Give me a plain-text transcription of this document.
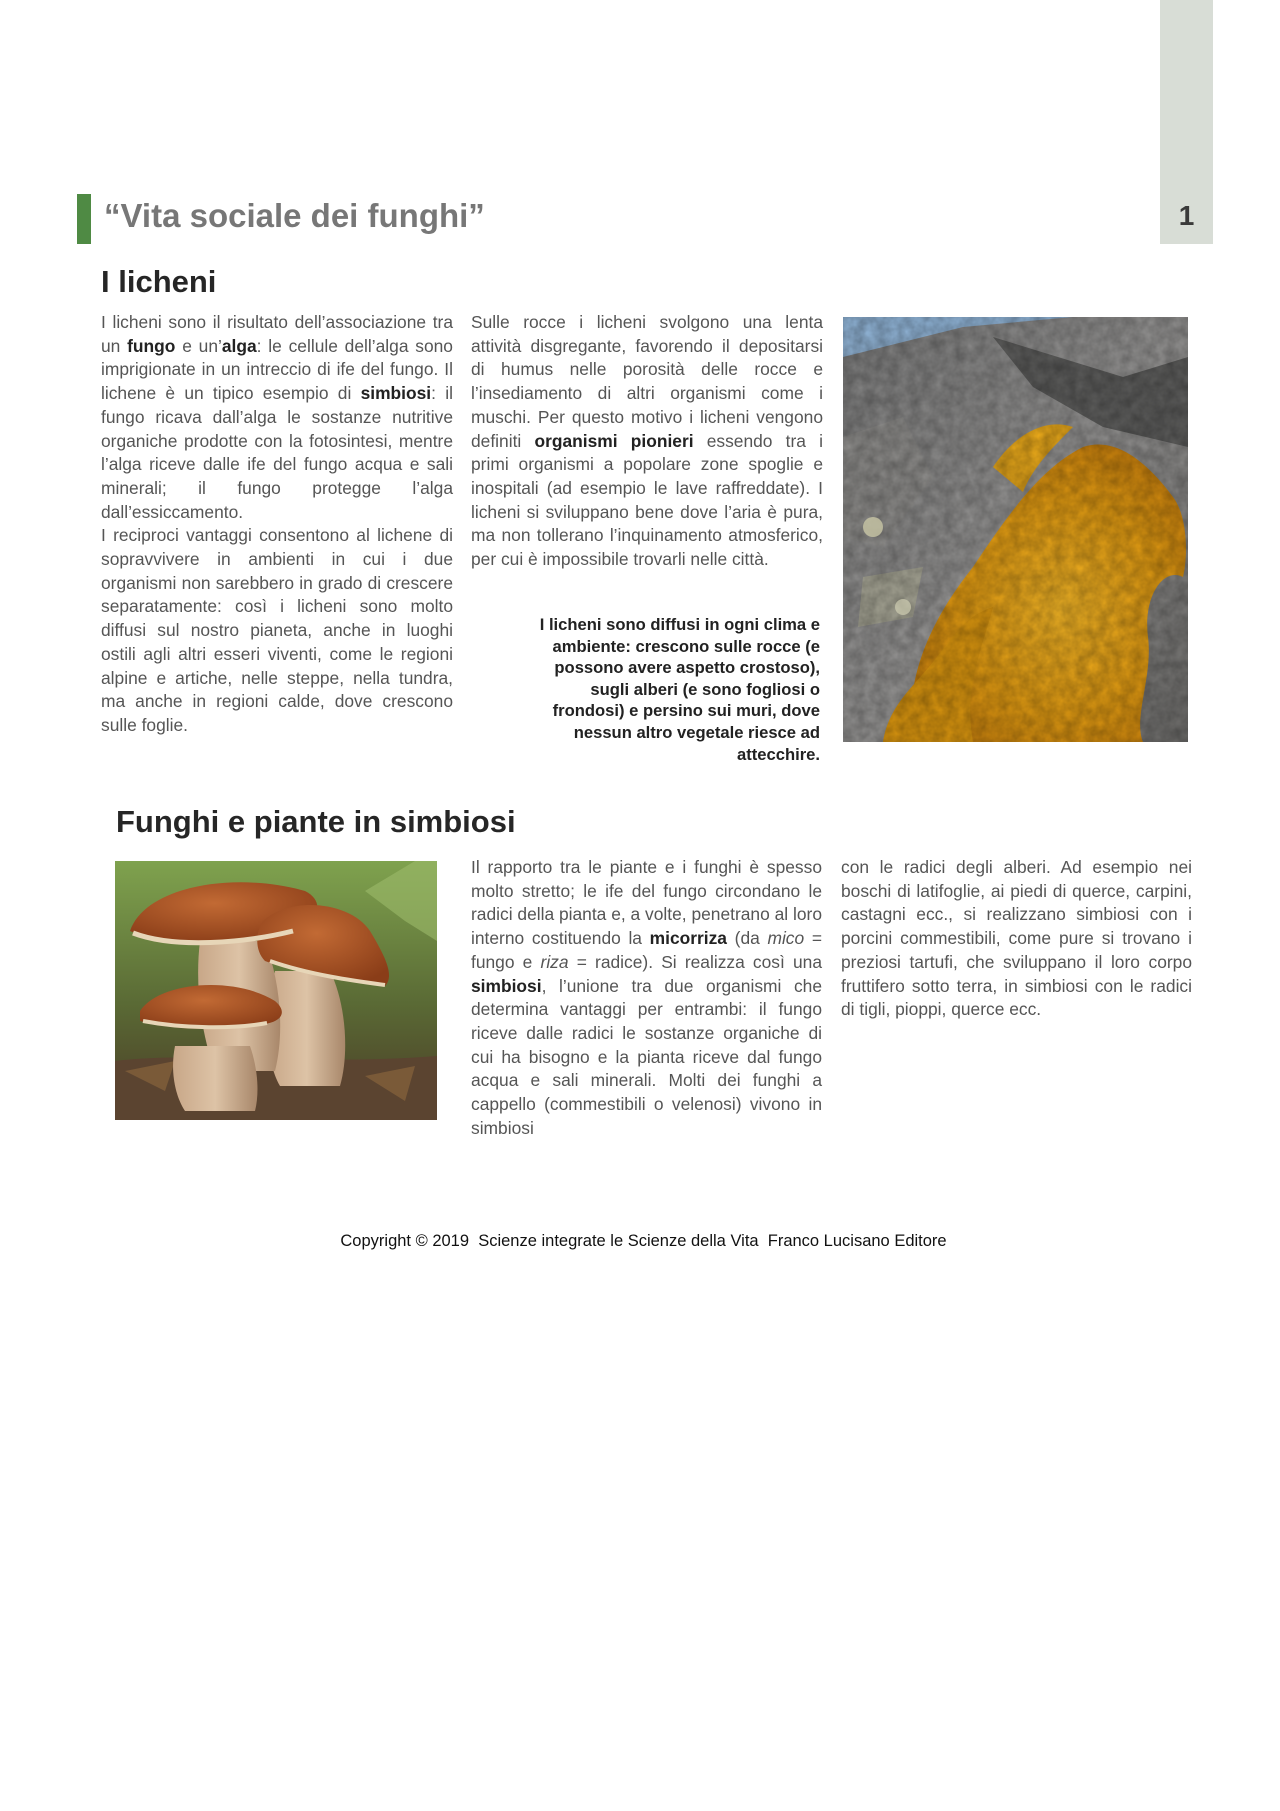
1
“Vita sociale dei funghi”
I licheni

I licheni sono il risultato dell’associazione tra un fungo e un’alga: le cellule dell’alga sono imprigionate in un intreccio di ife del fungo. Il lichene è un tipico esempio di simbiosi: il fungo ricava dall’alga le sostanze nutritive organiche prodotte con la fotosintesi, mentre l’alga riceve dalle ife del fungo acqua e sali minerali; il fungo protegge l’alga dall’essiccamento.

I reciproci vantaggi consentono al lichene di sopravvivere in ambienti in cui i due organismi non sarebbero in grado di crescere separatamente: così i licheni sono molto diffusi sul nostro pianeta, anche in luoghi ostili agli altri esseri viventi, come le regioni alpine e artiche, nelle steppe, nella tundra, ma anche in regioni calde, dove crescono sulle foglie.

Sulle rocce i licheni svolgono una lenta attività disgregante, favorendo il depositarsi di humus nelle porosità delle rocce e l’insediamento di altri organismi come i muschi. Per questo motivo i licheni vengono definiti organismi pionieri essendo tra i primi organismi a popolare zone spoglie e inospitali (ad esempio le lave raffreddate). I licheni si sviluppano bene dove l’aria è pura, ma non tollerano l’inquinamento atmosferico, per cui è impossibile trovarli nelle città.

I licheni sono diffusi in ogni clima e ambiente: crescono sulle rocce (e possono avere aspetto crostoso), sugli alberi (e sono fogliosi o frondosi) e persino sui muri, dove nessun altro vegetale riesce ad attecchire.
Funghi e piante in simbiosi

Il rapporto tra le piante e i funghi è spesso molto stretto; le ife del fungo circondano le radici della pianta e, a volte, penetrano al loro interno costituendo la micorriza (da mico = fungo e riza = radice). Si realizza così una simbiosi, l’unione tra due organismi che determina vantaggi per entrambi: il fungo riceve dalle radici le sostanze organiche di cui ha bisogno e la pianta riceve dal fungo acqua e sali minerali. Molti dei funghi a cappello (commestibili o velenosi) vivono in simbiosi

con le radici degli alberi. Ad esempio nei boschi di latifoglie, ai piedi di querce, carpini, castagni ecc., si realizzano simbiosi con i porcini commestibili, come pure si trovano i preziosi tartufi, che sviluppano il loro corpo fruttifero sotto terra, in simbiosi con le radici di tigli, pioppi, querce ecc.

Copyright © 2019  Scienze integrate le Scienze della Vita  Franco Lucisano Editore
